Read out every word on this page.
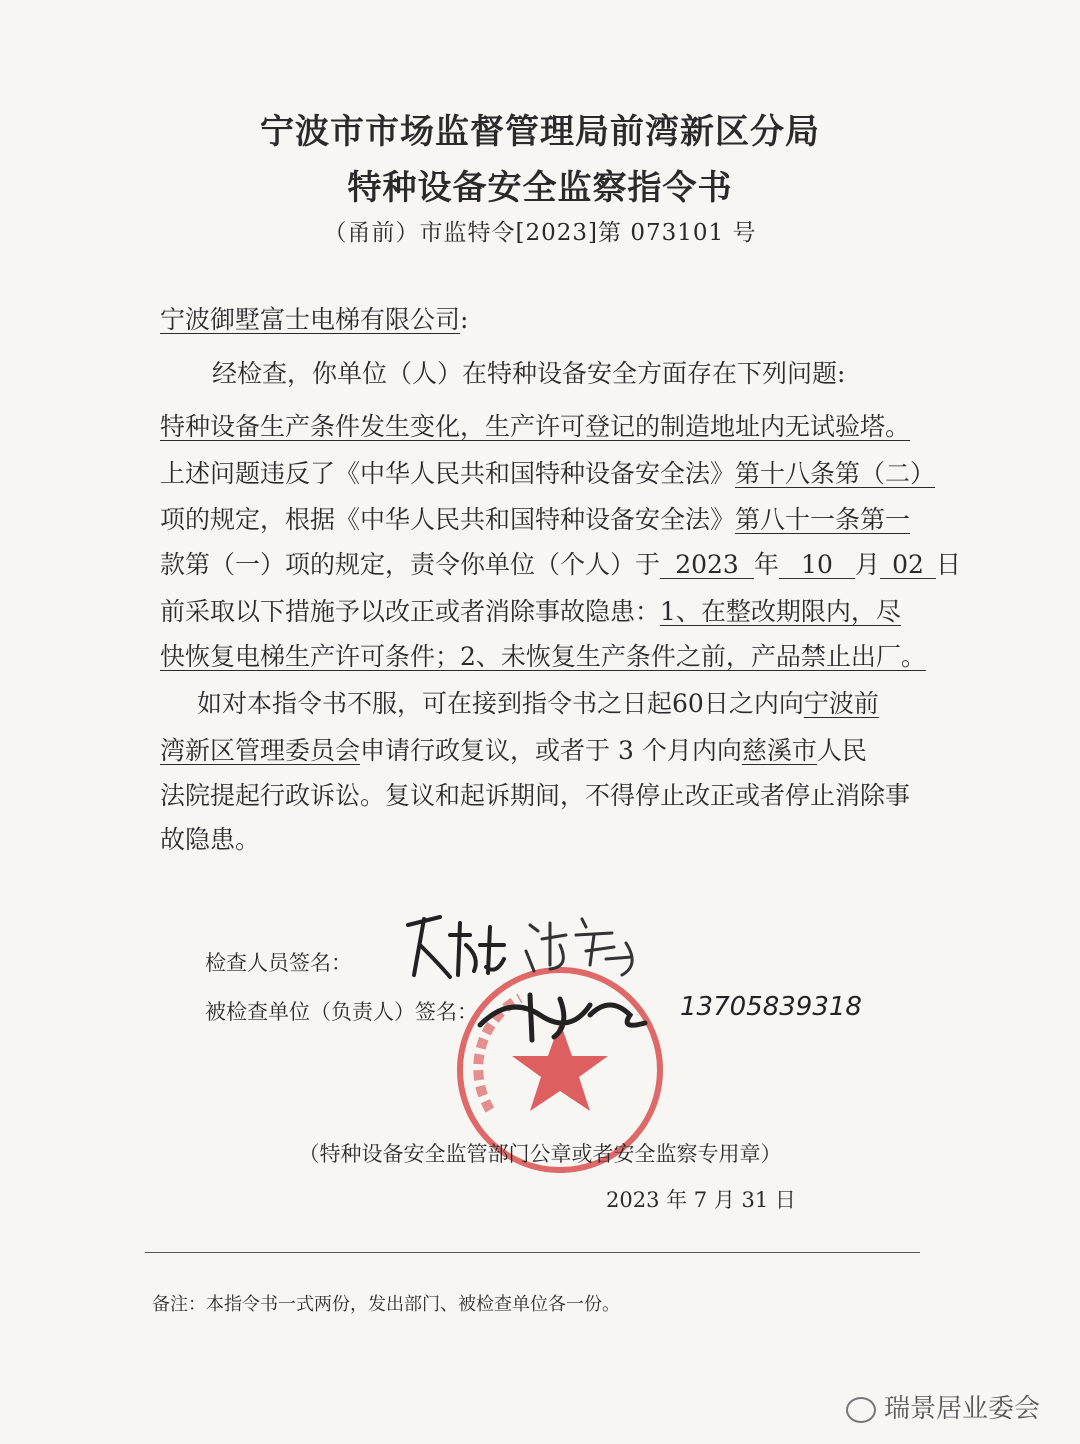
宁波市市场监督管理局前湾新区分局
特种设备安全监察指令书
（甬前）市监特令[2023]第 073101 号
宁波御墅富士电梯有限公司:
经检查，你单位（人）在特种设备安全方面存在下列问题:
特种设备生产条件发生变化，生产许可登记的制造地址内无试验塔。
上述问题违反了《中华人民共和国特种设备安全法》第十八条第（二）
项的规定，根据《中华人民共和国特种设备安全法》第八十一条第一
款第（一）项的规定，责令你单位（个人）于 2023 年 10 月 02 日
前采取以下措施予以改正或者消除事故隐患：1、在整改期限内，尽
快恢复电梯生产许可条件；2、未恢复生产条件之前，产品禁止出厂。
如对本指令书不服，可在接到指令书之日起60日之内向宁波前
湾新区管理委员会申请行政复议，或者于 3 个月内向慈溪市人民
法院提起行政诉讼。复议和起诉期间，不得停止改正或者停止消除事
故隐患。
检查人员签名：
被检查单位（负责人）签名：	13705839318
（特种设备安全监管部门公章或者安全监察专用章）
2023 年 7 月 31 日
备注：本指令书一式两份，发出部门、被检查单位各一份。
瑞景居业委会
